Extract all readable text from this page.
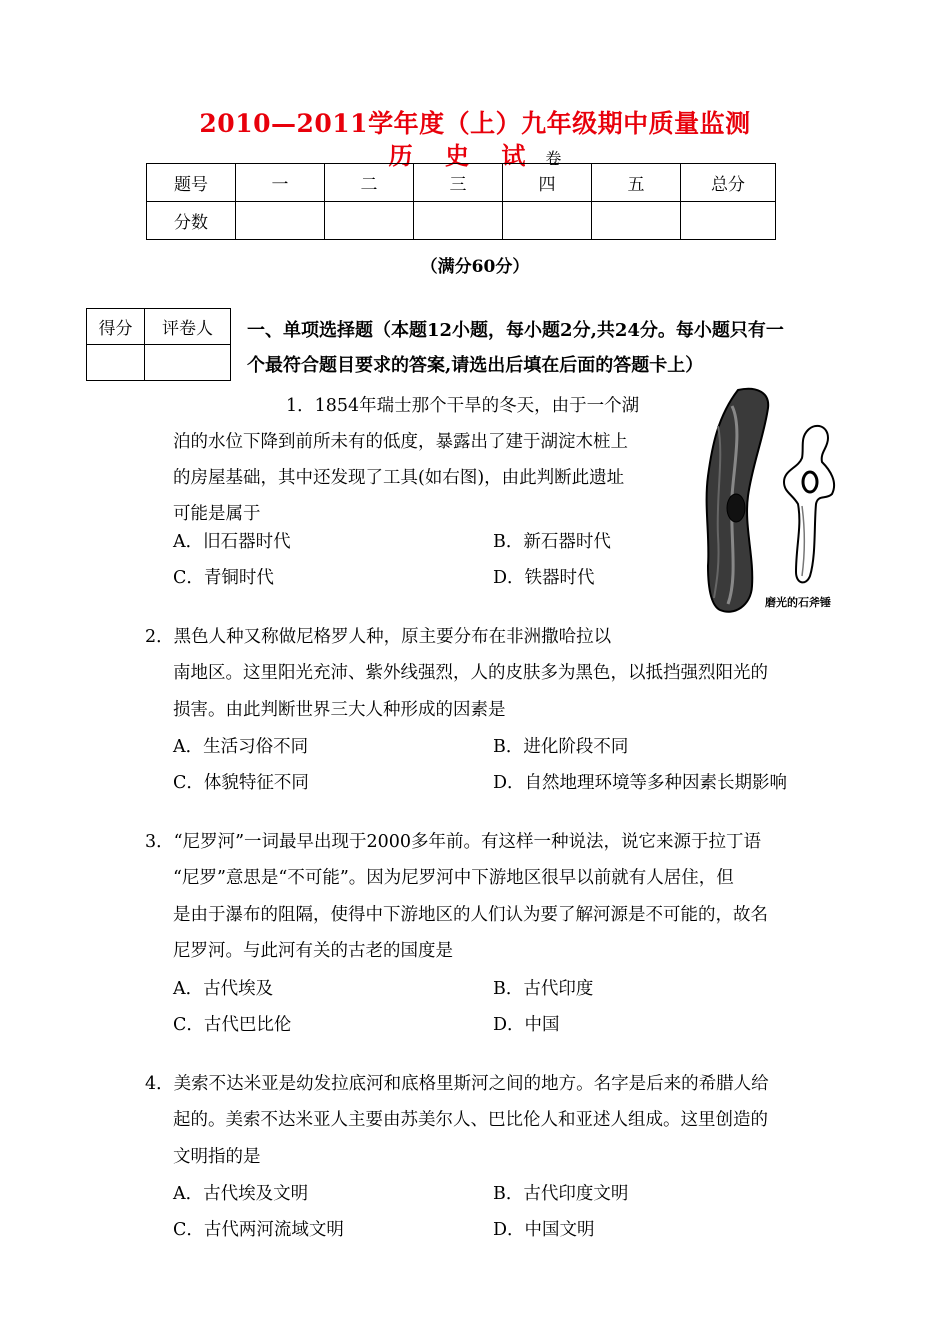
2010—2011学年度（上）九年级期中质量监测
历 史 试 卷
题号	一	二	三	四	五	总分
分数						
（满分60分）
得分	评卷人
	一、单项选择题（本题12小题，每小题2分,共24分。每小题只有一
个最符合题目要求的答案,请选出后填在后面的答题卡上）
1．1854年瑞士那个干旱的冬天，由于一个湖
泊的水位下降到前所未有的低度，暴露出了建于湖淀木桩上
的房屋基础，其中还发现了工具(如右图)，由此判断此遗址
可能是属于
A．旧石器时代	B．新石器时代
C．青铜时代	D．铁器时代
磨光的石斧锤
2．黑色人种又称做尼格罗人种，原主要分布在非洲撒哈拉以
南地区。这里阳光充沛、紫外线强烈，人的皮肤多为黑色，以抵挡强烈阳光的
损害。由此判断世界三大人种形成的因素是
A．生活习俗不同	B．进化阶段不同
C．体貌特征不同	D．自然地理环境等多种因素长期影响
3．“尼罗河”一词最早出现于2000多年前。有这样一种说法，说它来源于拉丁语
“尼罗”意思是“不可能”。因为尼罗河中下游地区很早以前就有人居住，但
是由于瀑布的阻隔，使得中下游地区的人们认为要了解河源是不可能的，故名
尼罗河。与此河有关的古老的国度是
A．古代埃及	B．古代印度
C．古代巴比伦	D．中国
4．美索不达米亚是幼发拉底河和底格里斯河之间的地方。名字是后来的希腊人给
起的。美索不达米亚人主要由苏美尔人、巴比伦人和亚述人组成。这里创造的
文明指的是
A．古代埃及文明	B．古代印度文明
C．古代两河流域文明	D．中国文明
